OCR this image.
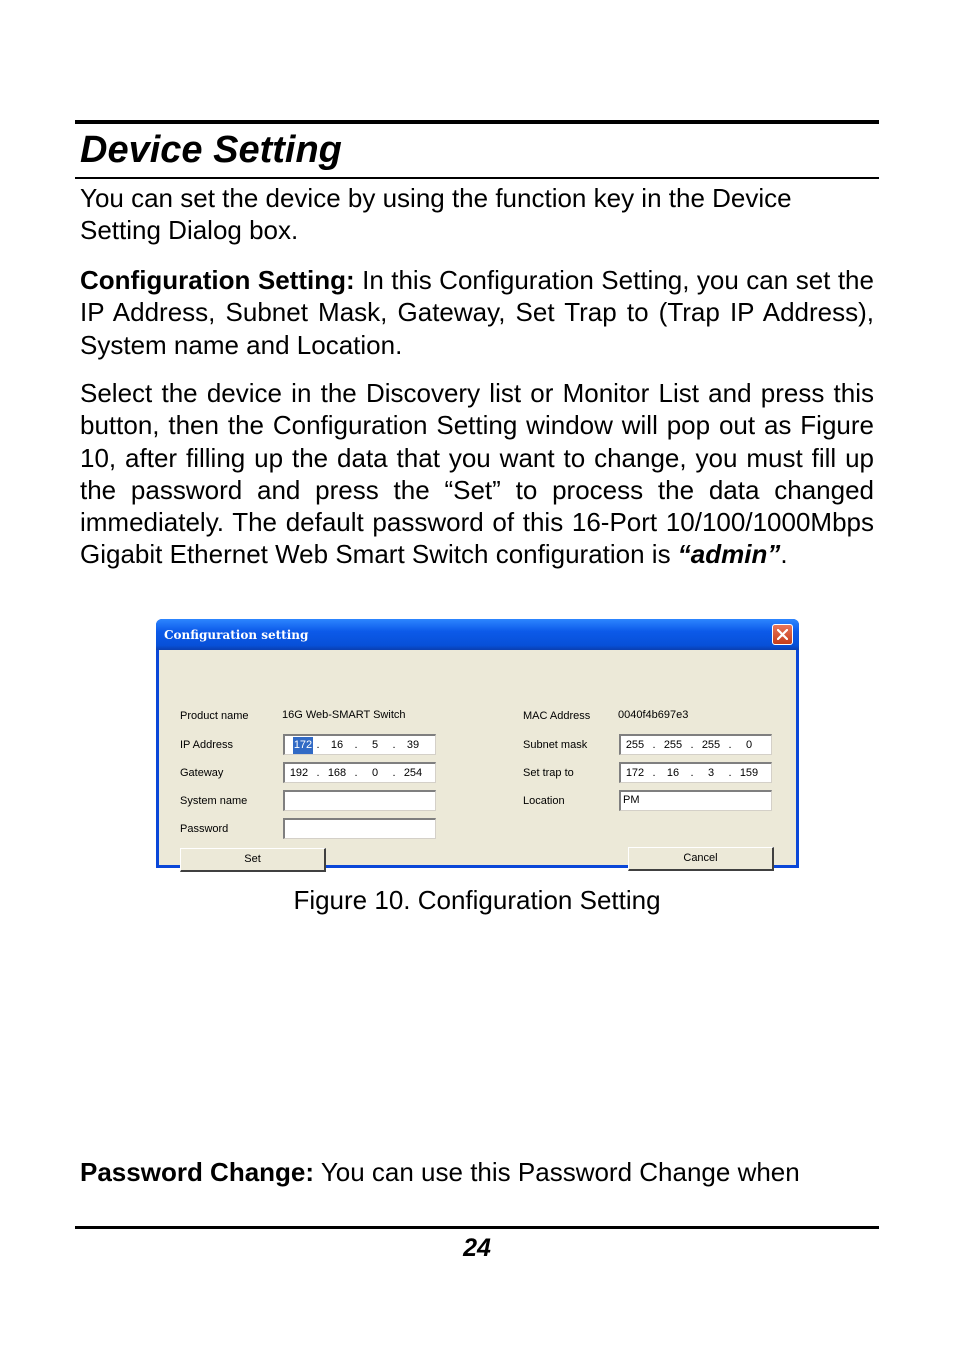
Device Setting

You can set the device by using the function key in the Device Setting Dialog box.

Configuration Setting: In this Configuration Setting, you can set the IP Address, Subnet Mask, Gateway, Set Trap to (Trap IP Address), System name and Location.

Select the device in the Discovery list or Monitor List and press this button, then the Configuration Setting window will pop out as Figure 10, after filling up the data that you want to change, you must fill up the password and press the “Set” to process the data changed immediately. The default password of this 16-Port 10/100/1000Mbps Gigabit Ethernet Web Smart Switch configuration is “admin”.

Configuration setting
Product name	16G Web-SMART Switch
IP Address	172 .	16	.	5	.	39
Gateway	192 . 168 .	0	. 254
System name
Password
Set
MAC Address	0040f4b697e3
Subnet mask	255 . 255 . 255 .	0
Set trap to	172 .	16	.	3	. 159
Location	PM
Cancel
Figure 10. Configuration Setting

Password Change: You can use this Password Change when

24
